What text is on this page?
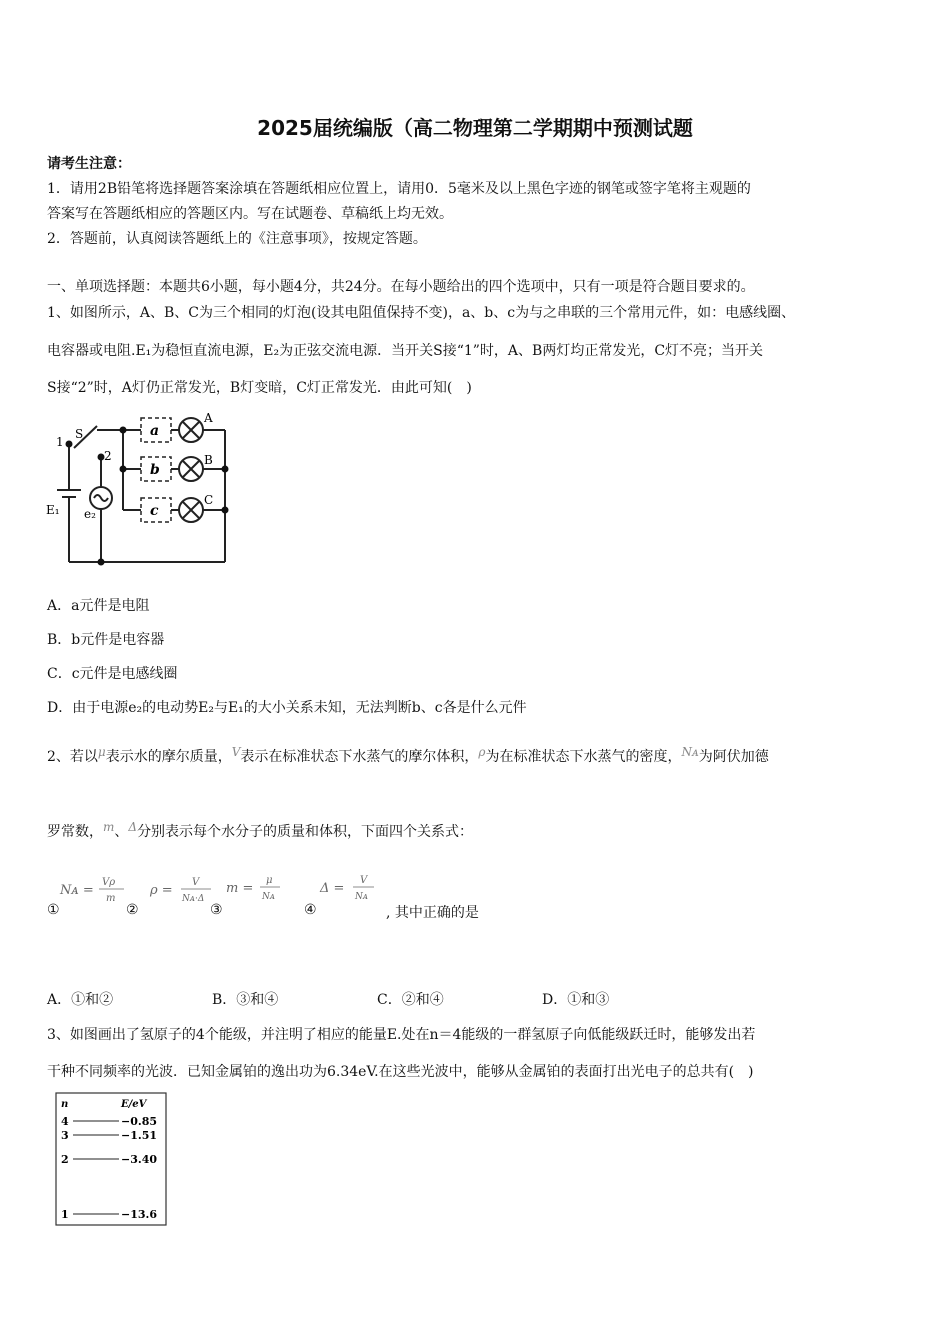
2025届统编版（高二物理第二学期期中预测试题
请考生注意：
1．请用2B铅笔将选择题答案涂填在答题纸相应位置上，请用0．5毫米及以上黑色字迹的钢笔或签字笔将主观题的
答案写在答题纸相应的答题区内。写在试题卷、草稿纸上均无效。
2．答题前，认真阅读答题纸上的《注意事项》，按规定答题。
一、单项选择题：本题共6小题，每小题4分，共24分。在每小题给出的四个选项中，只有一项是符合题目要求的。
1、如图所示，A、B、C为三个相同的灯泡(设其电阻值保持不变)，a、b、c为与之串联的三个常用元件，如：电感线圈、
电容器或电阻.E₁为稳恒直流电源，E₂为正弦交流电源．当开关S接“1”时，A、B两灯均正常发光，C灯不亮；当开关
S接“2”时，A灯仍正常发光，B灯变暗，C灯正常发光．由此可知(　)
1
S
2
E₁ e₂
a
b
c
A
B
C
A．a元件是电阻
B．b元件是电容器
C．c元件是电感线圈
D．由于电源e₂的电动势E₂与E₁的大小关系未知，无法判断b、c各是什么元件
2、若以μ表示水的摩尔质量，V表示在标准状态下水蒸气的摩尔体积，ρ为在标准状态下水蒸气的密度，Nᴀ为阿伏加德
罗常数，m、Δ分别表示每个水分子的质量和体积，下面四个关系式：
Nᴀ =
Vρ
m
ρ =
V
Nᴀ·Δ
m =
μ
Nᴀ
Δ =
V
Nᴀ
①	②	③	④	, 其中正确的是
A．①和②	B．③和④	C．②和④	D．①和③
3、如图画出了氢原子的4个能级，并注明了相应的能量E.处在n＝4能级的一群氢原子向低能级跃迁时，能够发出若
干种不同频率的光波．已知金属铂的逸出功为6.34eV.在这些光波中，能够从金属铂的表面打出光电子的总共有(　)
n	E/eV
4	−0.85
3	−1.51
2	−3.40
1	−13.6
